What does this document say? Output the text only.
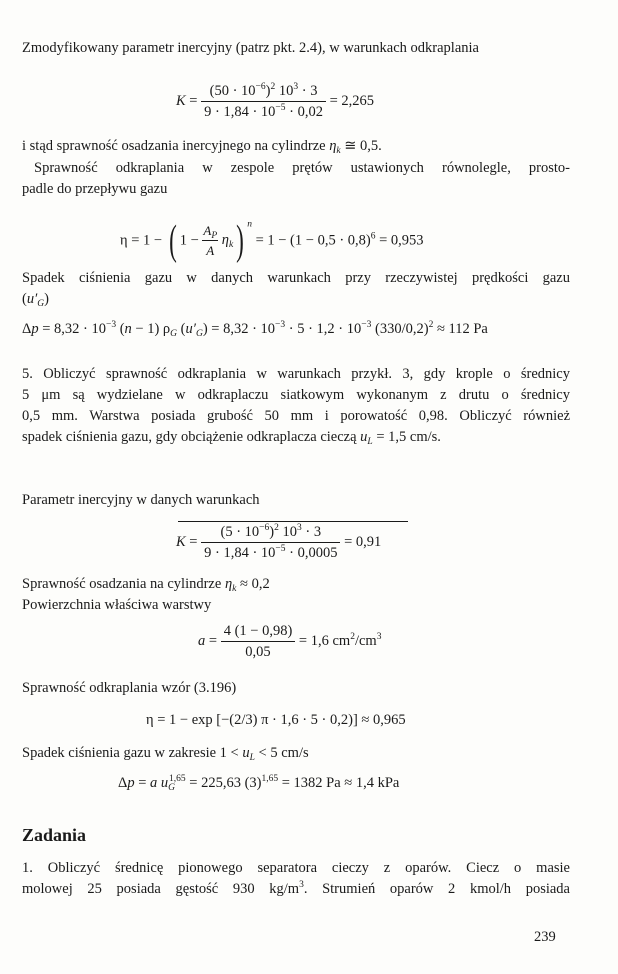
Zmodyfikowany parametr inercyjny (patrz pkt. 2.4), w warunkach odkraplania
$K = \frac{(50 \cdot 10^{-6})^2 10^3 \cdot 3}{9 \cdot 1,84 \cdot 10^{-5} \cdot 0,02} = 2,265$
i stąd sprawność osadzania inercyjnego na cylindrze $\eta_k$ ≅ 0,5.
Sprawność odkraplania w zespole prętów ustawionych równolegle, prosto-
padle do przepływu gazu
η = 1 − ( $1 - \frac{A_P}{A} \eta_k$) $^n = 1 - (1 - 0,5 \cdot 0,8)^6 = 0,953$
Spadek ciśnienia gazu w danych warunkach przy rzeczywistej prędkości gazu
$(u'_G)$
$\Delta p = 8,32 \cdot 10^{-3}$ (n − 1) $\rho_G$ $(u'_G) = 8,32 \cdot 10^{-3} \cdot 5 \cdot 1,2 \cdot 10^{-3}$ $(330/0,2)^2 \approx 112$ Pa
5. Obliczyć sprawność odkraplania w warunkach przykł. 3, gdy krople o średnicy
5 μm są wydzielane w odkraplaczu siatkowym wykonanym z drutu o średnicy
0,5 mm. Warstwa posiada grubość 50 mm i porowatość 0,98. Obliczyć również
spadek ciśnienia gazu, gdy obciążenie odkraplacza cieczą $u_L = 1,5$ cm/s.
Parametr inercyjny w danych warunkach
$K = \frac{(5 \cdot 10^{-6})^2 10^3 \cdot 3}{9 \cdot 1,84 \cdot 10^{-5} \cdot 0,0005} = 0,91$
Sprawność osadzania na cylindrze $\eta_k \approx 0,2$
Powierzchnia właściwa warstwy
$a = \frac{4 (1 - 0,98)}{0,05} = 1,6$ $cm^2/cm^3$
Sprawność odkraplania wzór (3.196)
η = 1 − exp [−(2/3) π · 1,6 · 5 · 0,2)] ≈ 0,965
Spadek ciśnienia gazu w zakresie $1 < u_L < 5$ cm/s
Δp = a $u_G^{1,65} = 225,63$ $(3)^{1,65} = 1382$ Pa ≈ 1,4 kPa
Zadania
1. Obliczyć średnicę pionowego separatora cieczy z oparów. Ciecz o masie
molowej 25 posiada gęstość 930 $kg/m^3$. Strumień oparów 2 kmol/h posiada
239
